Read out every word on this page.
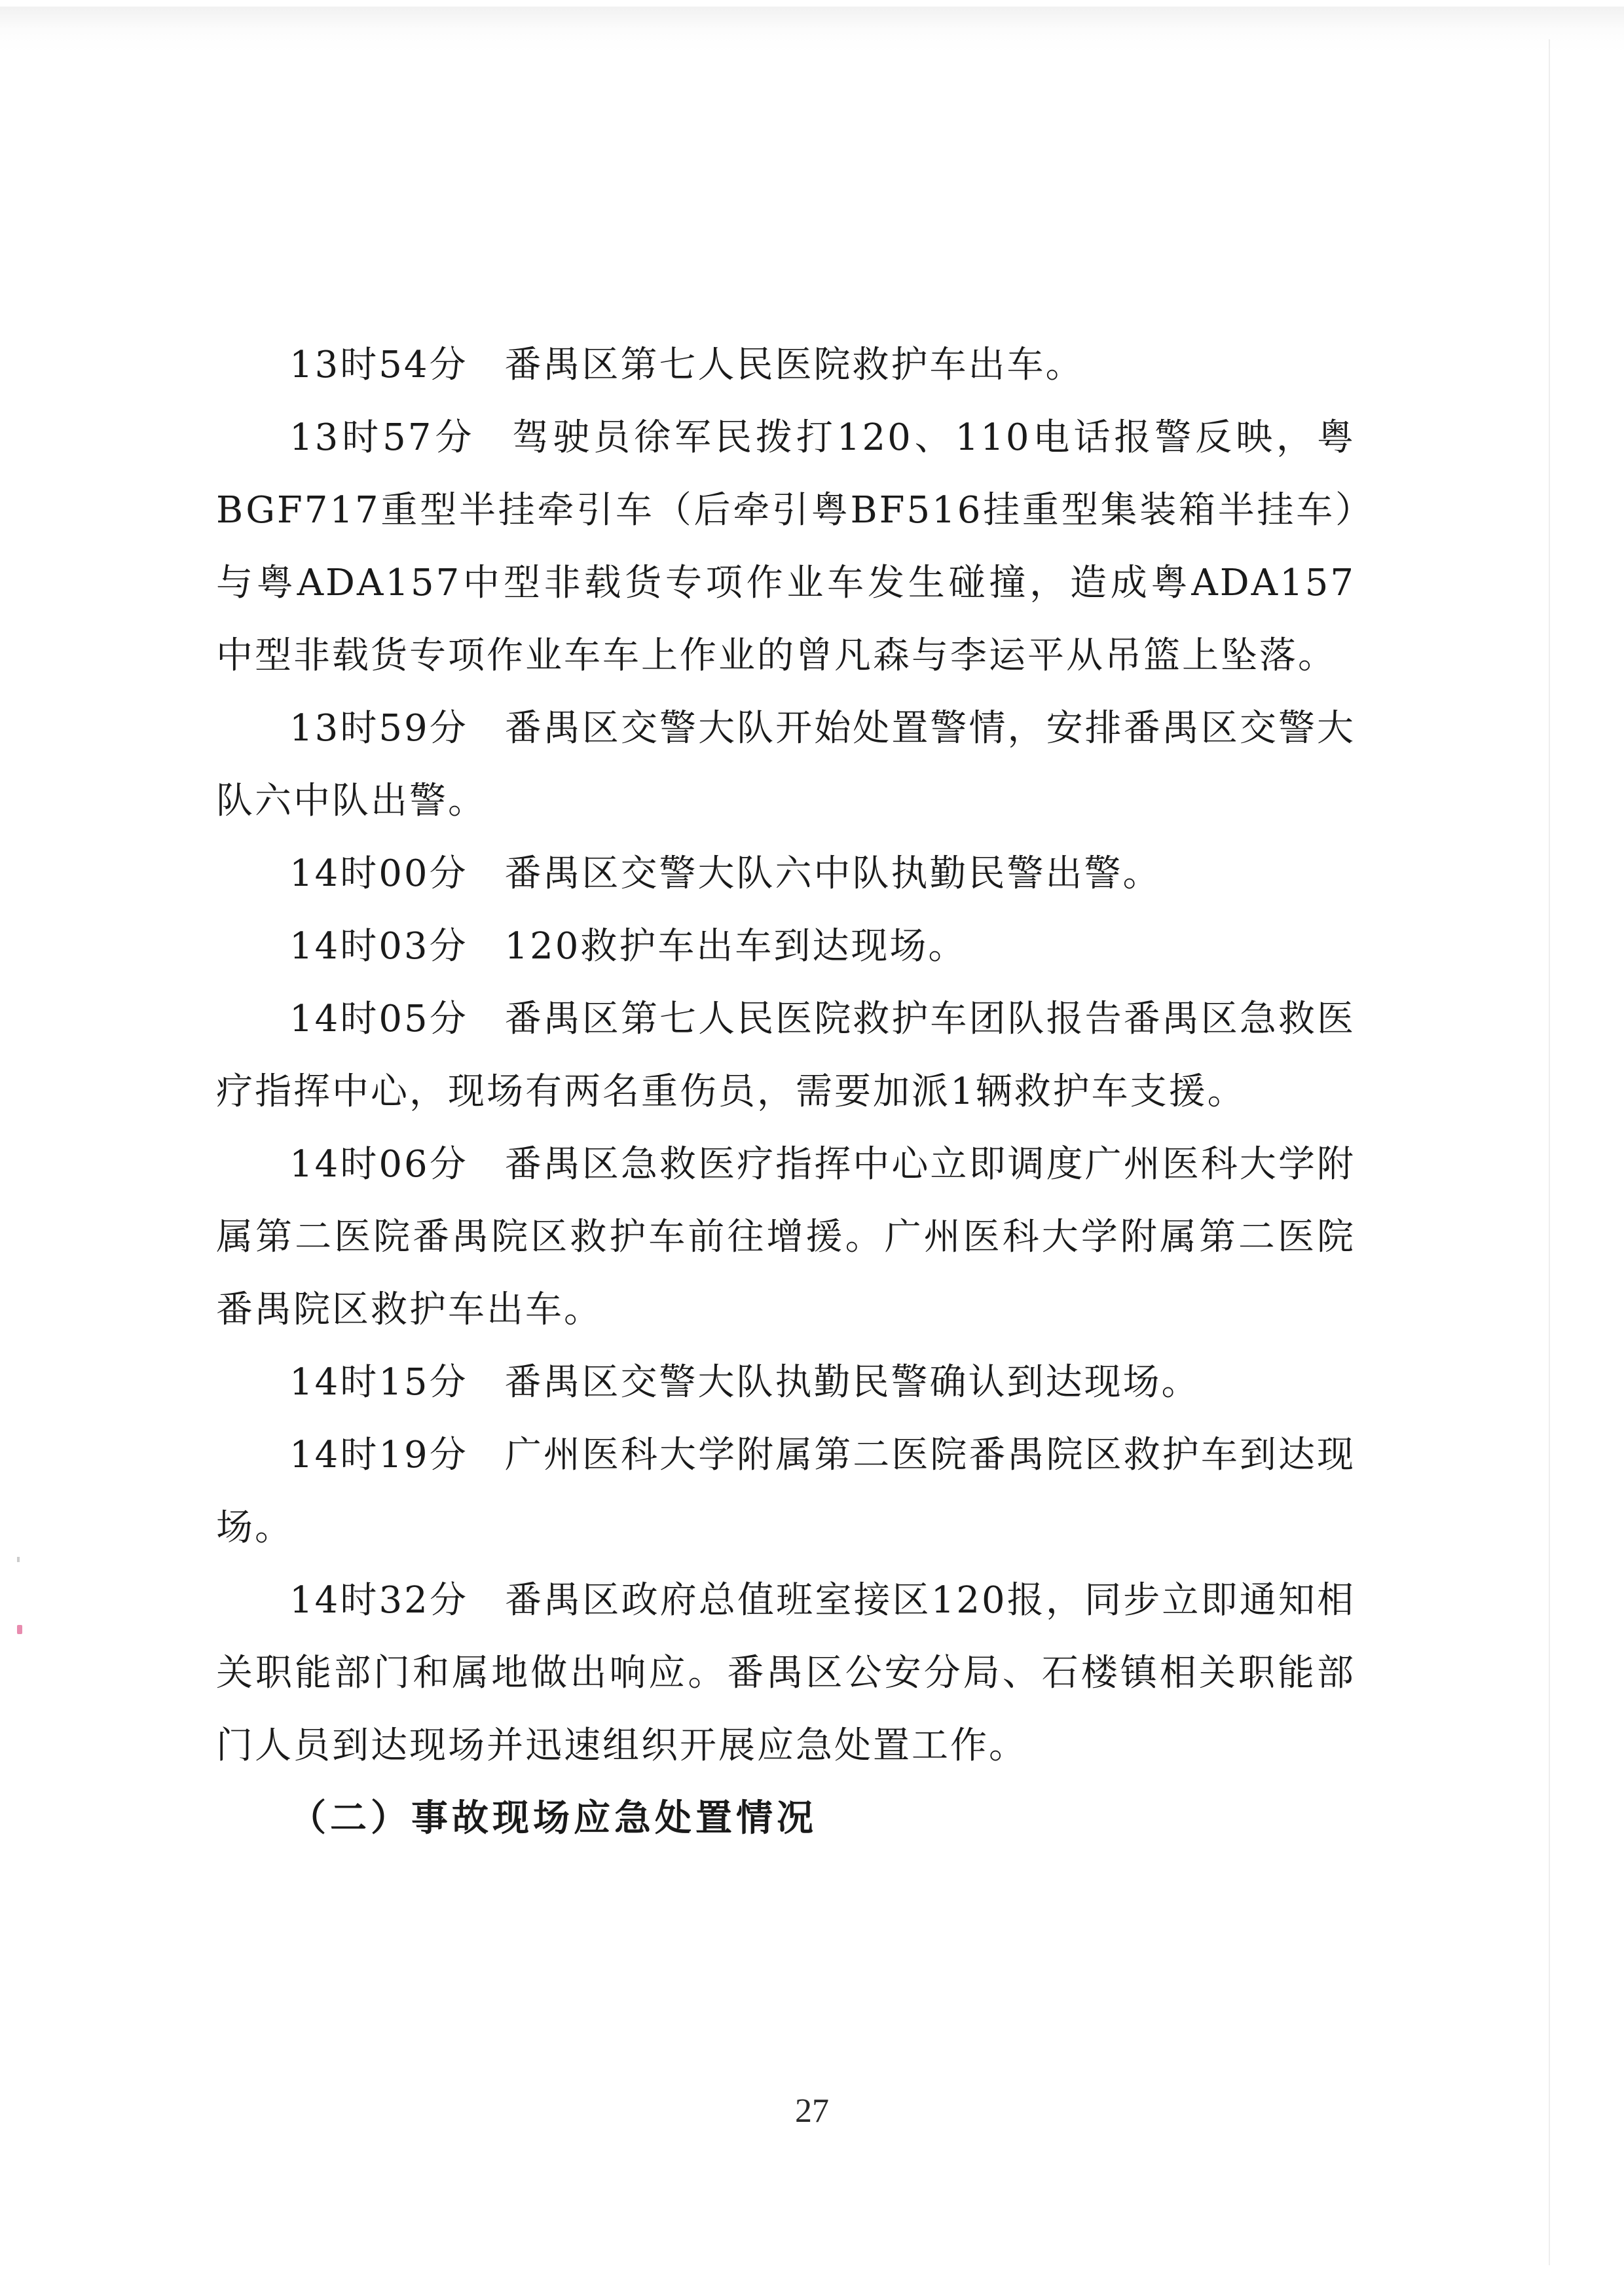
13时54分 番禺区第七人民医院救护车出车。

13时57分 驾驶员徐军民拨打120、110电话报警反映，粤BGF717重型半挂牵引车（后牵引粤BF516挂重型集装箱半挂车）与粤ADA157中型非载货专项作业车发生碰撞，造成粤ADA157中型非载货专项作业车车上作业的曾凡森与李运平从吊篮上坠落。

13时59分 番禺区交警大队开始处置警情，安排番禺区交警大队六中队出警。

14时00分 番禺区交警大队六中队执勤民警出警。

14时03分 120救护车出车到达现场。

14时05分 番禺区第七人民医院救护车团队报告番禺区急救医疗指挥中心，现场有两名重伤员，需要加派1辆救护车支援。

14时06分 番禺区急救医疗指挥中心立即调度广州医科大学附属第二医院番禺院区救护车前往增援。广州医科大学附属第二医院番禺院区救护车出车。

14时15分 番禺区交警大队执勤民警确认到达现场。

14时19分 广州医科大学附属第二医院番禺院区救护车到达现场。

14时32分 番禺区政府总值班室接区120报，同步立即通知相关职能部门和属地做出响应。番禺区公安分局、石楼镇相关职能部门人员到达现场并迅速组织开展应急处置工作。

（二）事故现场应急处置情况

27
